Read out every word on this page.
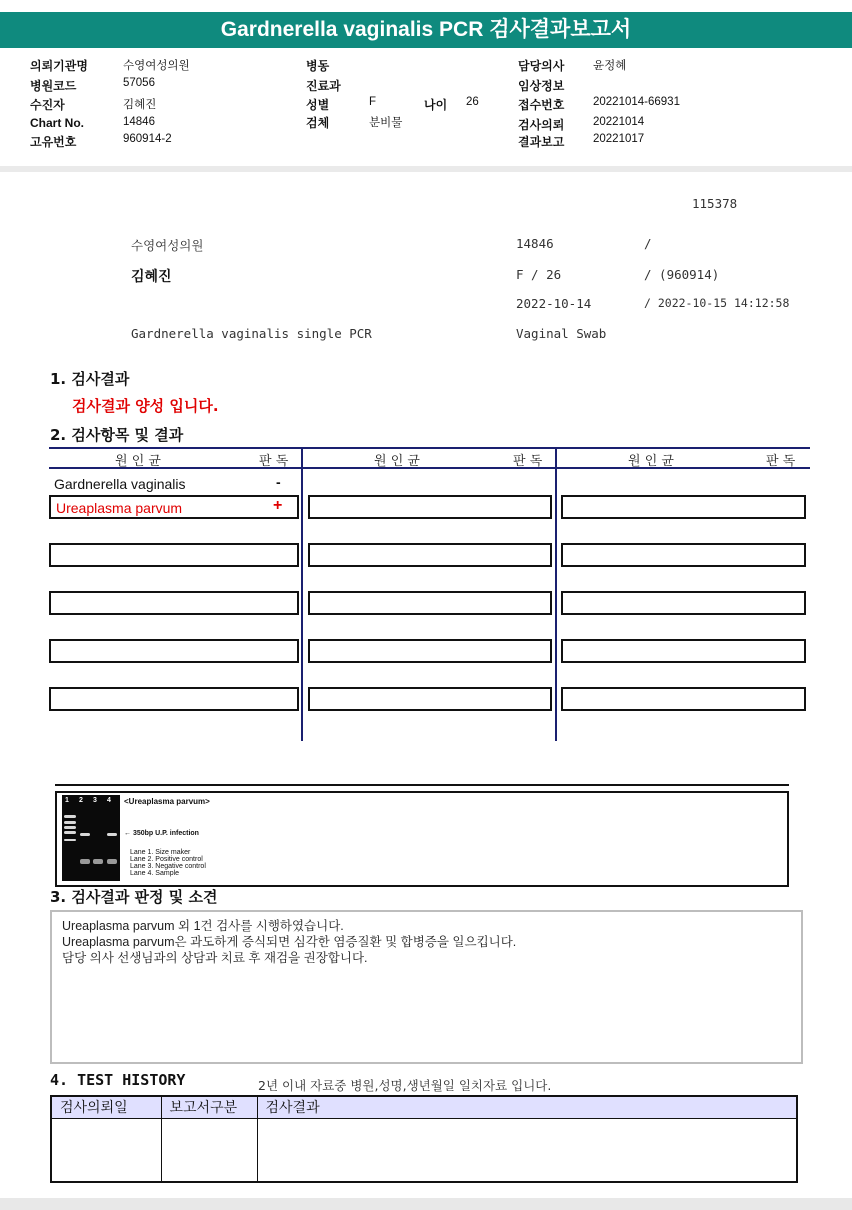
Gardnerella vaginalis PCR 검사결과보고서
의뢰기관명	수영여성의원
병원코드	57056
수진자	김혜진
Chart No.	14846
고유번호	960914-2
병동
진료과
성별	F	나이 26
검체	분비물
담당의사 윤정혜
임상정보
접수번호 20221014-66931
검사의뢰 20221014
결과보고 20221017
115378
수영여성의원	14846	/
김혜진	F / 26	/ (960914)
2022-10-14	/ 2022-10-15 14:12:58
Gardnerella vaginalis single PCR	Vaginal Swab
1. 검사결과
검사결과 양성 입니다.
2. 검사항목 및 결과
원 인 균	판 독	원 인 균	판 독	원 인 균	판 독
Gardnerella vaginalis	-
Ureaplasma parvum	+
1 2 3 4 <Ureaplasma parvum>
← 350bp U.P. infection
Lane 1. Size maker
Lane 2. Positive control
Lane 3. Negative control
Lane 4. Sample
3. 검사결과 판정 및 소견
Ureaplasma parvum 외 1건 검사를 시행하였습니다.
Ureaplasma parvum은 과도하게 증식되면 심각한 염증질환 및 합병증을 일으킵니다.
담당 의사 선생님과의 상담과 치료 후 재검을 권장합니다.
4. TEST HISTORY	2년 이내 자료중 병원,성명,생년월일 일치자료 입니다.
검사의뢰일	보고서구분	검사결과
